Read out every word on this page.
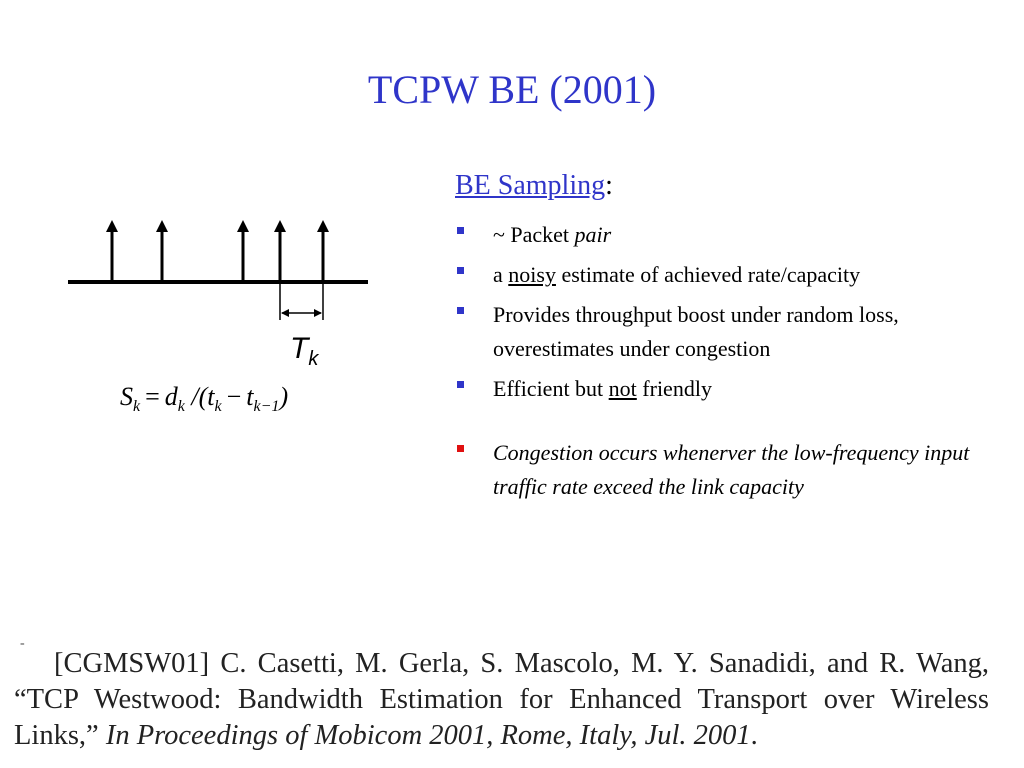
TCPW BE (2001)
$T_k$
$S_k = d_k$ $/(t_k - t_{k-1})$
BE Sampling:
~ Packet pair
a noisy estimate of achieved rate/capacity
Provides throughput boost under random loss, overestimates under congestion
Efficient but not friendly
Congestion occurs whenerver the low-frequency input traffic rate exceed the link capacity
-
[CGMSW01] C. Casetti, M. Gerla, S. Mascolo, M. Y. Sanadidi, and R. Wang, “TCP Westwood: Bandwidth Estimation for Enhanced Transport over Wireless Links,” In Proceedings of Mobicom 2001, Rome, Italy, Jul. 2001.
